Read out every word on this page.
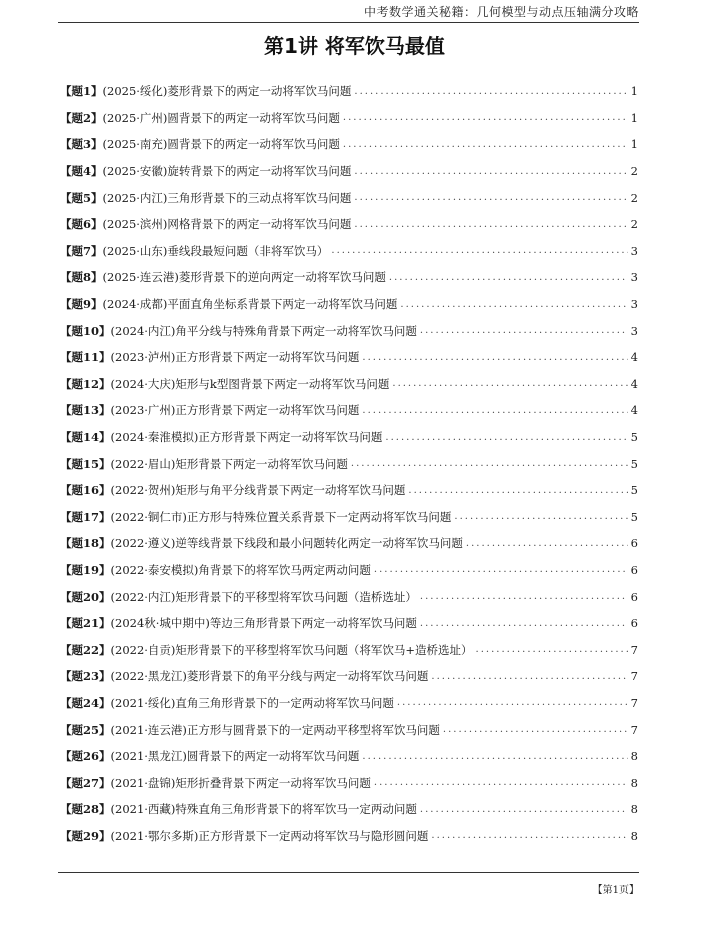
中考数学通关秘籍：几何模型与动点压轴满分攻略
第1讲 将军饮马最值
【题1】 (2025·绥化)菱形背景下的两定一动将军饮马问题 .....	1
【题2】 (2025·广州)圆背景下的两定一动将军饮马问题 .....	1
【题3】 (2025·南充)圆背景下的两定一动将军饮马问题 .....	1
【题4】 (2025·安徽)旋转背景下的两定一动将军饮马问题 .....	2
【题5】 (2025·内江)三角形背景下的三动点将军饮马问题 .....	2
【题6】 (2025·滨州)网格背景下的两定一动将军饮马问题 .....	2
【题7】 (2025·山东)垂线段最短问题（非将军饮马） .....	3
【题8】 (2025·连云港)菱形背景下的逆向两定一动将军饮马问题 .....	3
【题9】 (2024·成都)平面直角坐标系背景下两定一动将军饮马问题 .....	3
【题10】 (2024·内江)角平分线与特殊角背景下两定一动将军饮马问题 .....	3
【题11】 (2023·泸州)正方形背景下两定一动将军饮马问题 .....	4
【题12】 (2024·大庆)矩形与k型图背景下两定一动将军饮马问题 .....	4
【题13】 (2023·广州)正方形背景下两定一动将军饮马问题 .....	4
【题14】 (2024·秦淮模拟)正方形背景下两定一动将军饮马问题 .....	5
【题15】 (2022·眉山)矩形背景下两定一动将军饮马问题 .....	5
【题16】 (2022·贺州)矩形与角平分线背景下两定一动将军饮马问题 .....	5
【题17】 (2022·铜仁市)正方形与特殊位置关系背景下一定两动将军饮马问题 .....	5
【题18】 (2022·遵义)逆等线背景下线段和最小问题转化两定一动将军饮马问题 .....	6
【题19】 (2022·泰安模拟)角背景下的将军饮马两定两动问题 .....	6
【题20】 (2022·内江)矩形背景下的平移型将军饮马问题（造桥选址） .....	6
【题21】 (2024秋·城中期中)等边三角形背景下两定一动将军饮马问题 .....	6
【题22】 (2022·自贡)矩形背景下的平移型将军饮马问题（将军饮马+造桥选址） .....	7
【题23】 (2022·黑龙江)菱形背景下的角平分线与两定一动将军饮马问题 .....	7
【题24】 (2021·绥化)直角三角形背景下的一定两动将军饮马问题 .....	7
【题25】 (2021·连云港)正方形与圆背景下的一定两动平移型将军饮马问题 .....	7
【题26】 (2021·黑龙江)圆背景下的两定一动将军饮马问题 .....	8
【题27】 (2021·盘锦)矩形折叠背景下两定一动将军饮马问题 .....	8
【题28】 (2021·西藏)特殊直角三角形背景下的将军饮马一定两动问题 .....	8
【题29】 (2021·鄂尔多斯)正方形背景下一定两动将军饮马与隐形圆问题 .....	8
【第1页】
